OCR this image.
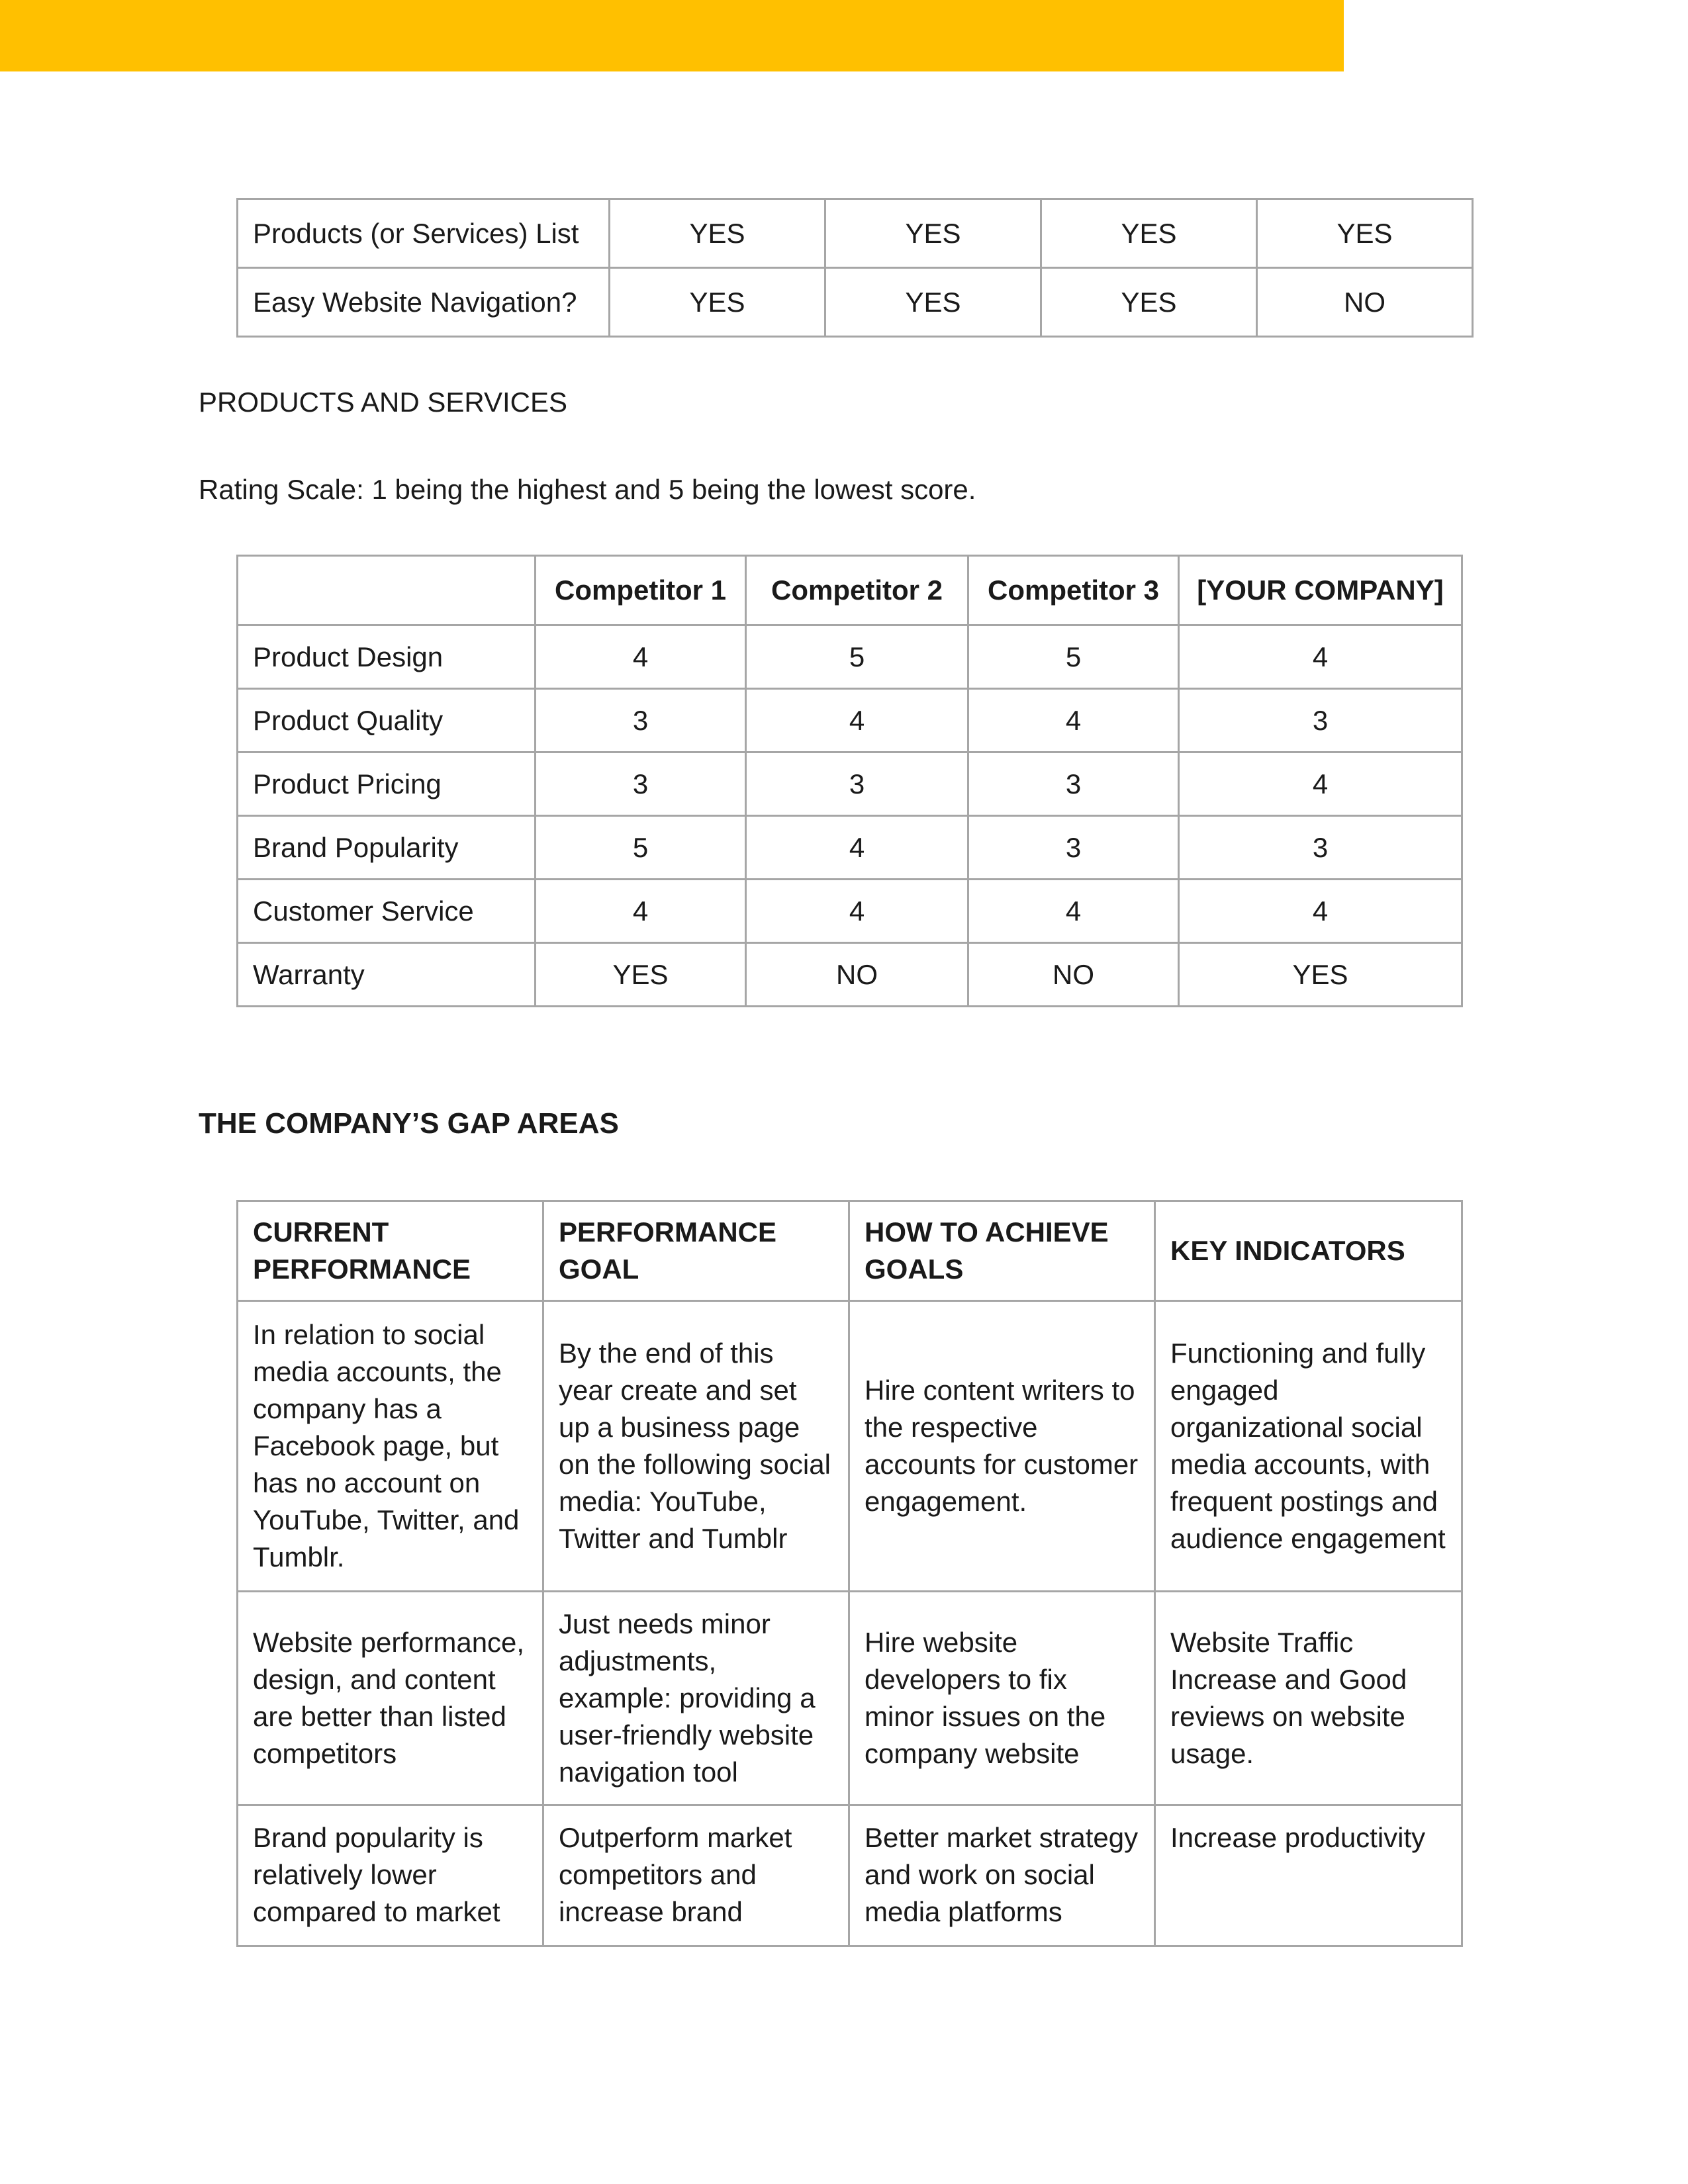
Products (or Services) List	YES	YES	YES	YES
Easy Website Navigation?	YES	YES	YES	NO

PRODUCTS AND SERVICES

Rating Scale: 1 being the highest and 5 being the lowest score.

	Competitor 1	Competitor 2	Competitor 3	[YOUR COMPANY]
Product Design	4	5	5	4
Product Quality	3	4	4	3
Product Pricing	3	3	3	4
Brand Popularity	5	4	3	3
Customer Service	4	4	4	4
Warranty	YES	NO	NO	YES
THE COMPANY’S GAP AREAS
CURRENT PERFORMANCE	PERFORMANCE GOAL	HOW TO ACHIEVE GOALS	KEY INDICATORS
In relation to social media accounts, the company has a Facebook page, but has no account on YouTube, Twitter, and Tumblr.	By the end of this year create and set up a business page on the following social media: YouTube, Twitter and Tumblr	Hire content writers to the respective accounts for customer engagement.	Functioning and fully engaged organizational social media accounts, with frequent postings and audience engagement
Website performance, design, and content are better than listed competitors	Just needs minor adjustments, example: providing a user-friendly website navigation tool	Hire website developers to fix minor issues on the company website	Website Traffic Increase and Good reviews on website usage.
Brand popularity is relatively lower compared to market	Outperform market competitors and increase brand	Better market strategy and work on social media platforms	Increase productivity
